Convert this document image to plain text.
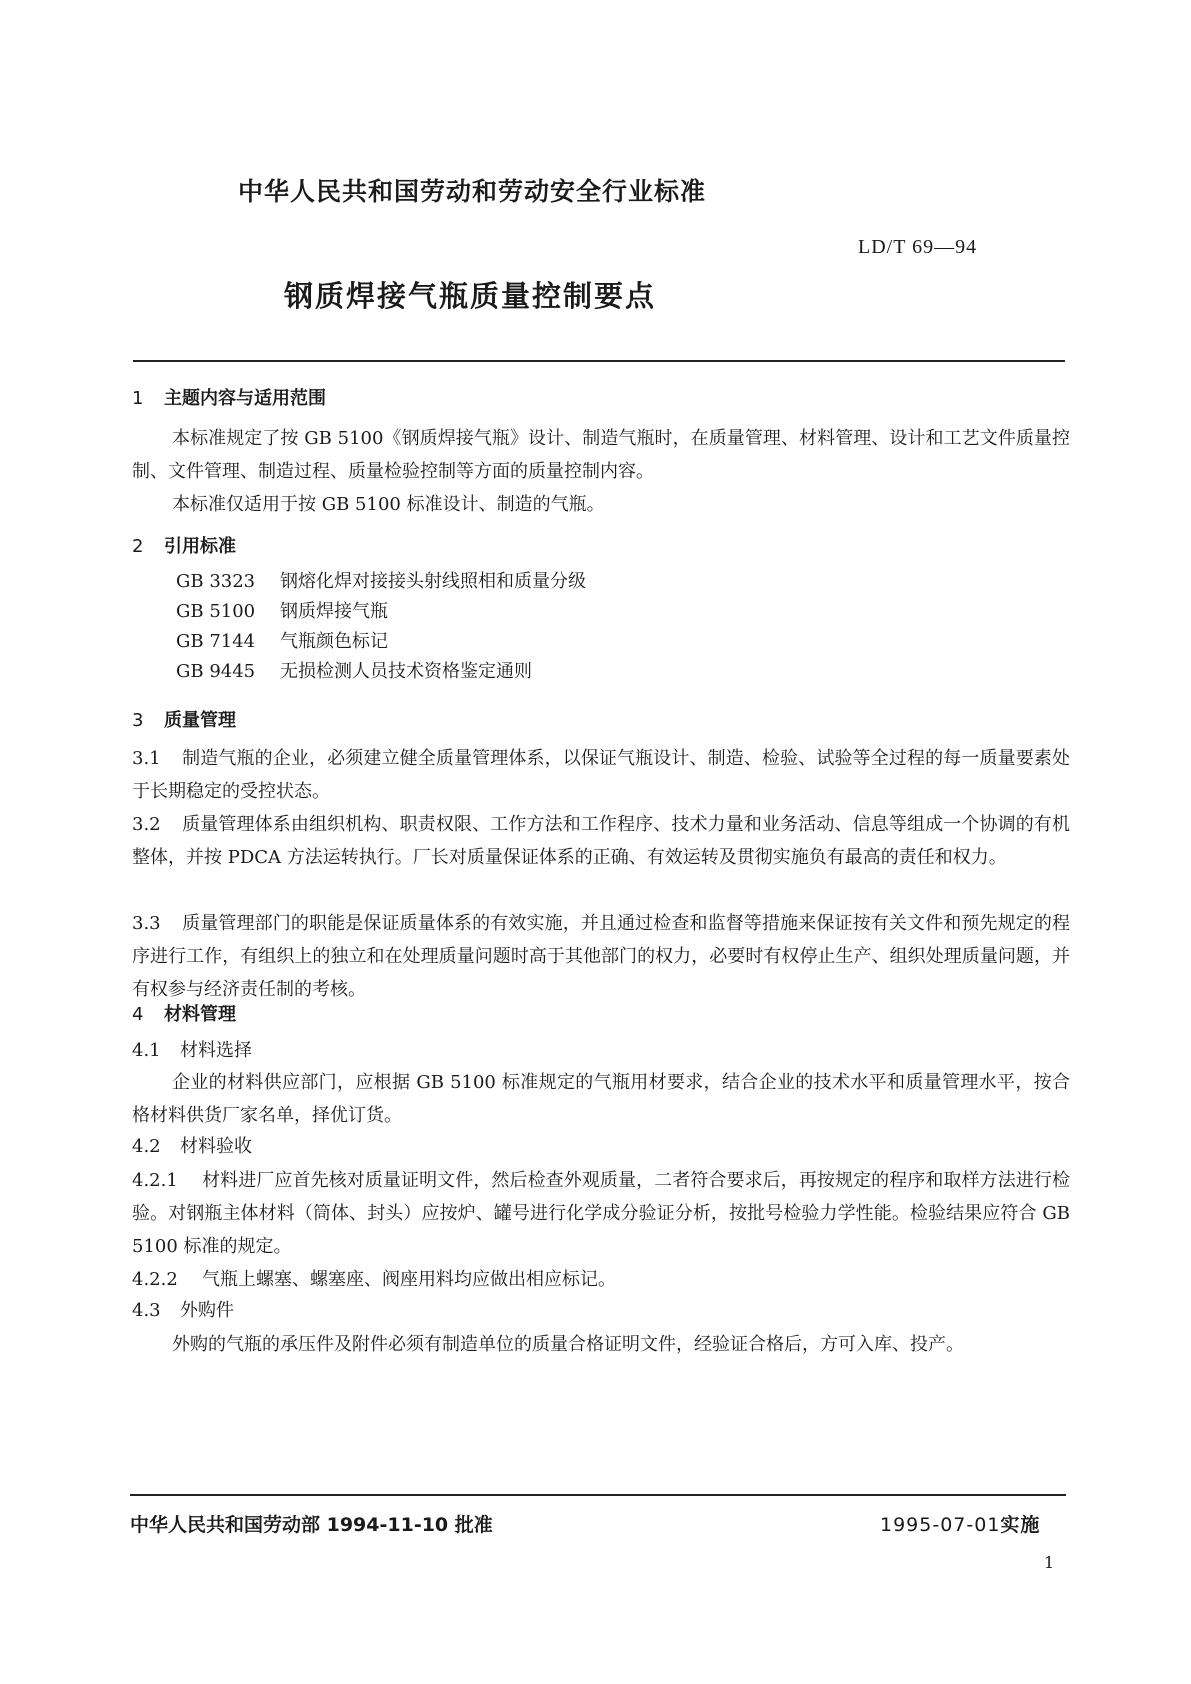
中华人民共和国劳动和劳动安全行业标准
LD/T 69—94
钢质焊接气瓶质量控制要点
1 主题内容与适用范围
本标准规定了按 GB 5100《钢质焊接气瓶》设计、制造气瓶时，在质量管理、材料管理、设计和工艺文件质量控制、文件管理、制造过程、质量检验控制等方面的质量控制内容。
本标准仅适用于按 GB 5100 标准设计、制造的气瓶。
2 引用标准
GB 3323 钢熔化焊对接接头射线照相和质量分级
GB 5100 钢质焊接气瓶
GB 7144 气瓶颜色标记
GB 9445 无损检测人员技术资格鉴定通则
3 质量管理
3.1 制造气瓶的企业，必须建立健全质量管理体系，以保证气瓶设计、制造、检验、试验等全过程的每一质量要素处于长期稳定的受控状态。
3.2 质量管理体系由组织机构、职责权限、工作方法和工作程序、技术力量和业务活动、信息等组成一个协调的有机整体，并按 PDCA 方法运转执行。厂长对质量保证体系的正确、有效运转及贯彻实施负有最高的责任和权力。
3.3 质量管理部门的职能是保证质量体系的有效实施，并且通过检查和监督等措施来保证按有关文件和预先规定的程序进行工作，有组织上的独立和在处理质量问题时高于其他部门的权力，必要时有权停止生产、组织处理质量问题，并有权参与经济责任制的考核。
4 材料管理
4.1 材料选择
企业的材料供应部门，应根据 GB 5100 标准规定的气瓶用材要求，结合企业的技术水平和质量管理水平，按合格材料供货厂家名单，择优订货。
4.2 材料验收
4.2.1 材料进厂应首先核对质量证明文件，然后检查外观质量，二者符合要求后，再按规定的程序和取样方法进行检验。对钢瓶主体材料（筒体、封头）应按炉、罐号进行化学成分验证分析，按批号检验力学性能。检验结果应符合 GB 5100 标准的规定。
4.2.2 气瓶上螺塞、螺塞座、阀座用料均应做出相应标记。
4.3 外购件
外购的气瓶的承压件及附件必须有制造单位的质量合格证明文件，经验证合格后，方可入库、投产。
中华人民共和国劳动部 1994-11-10 批准	1995-07-01实施
1
